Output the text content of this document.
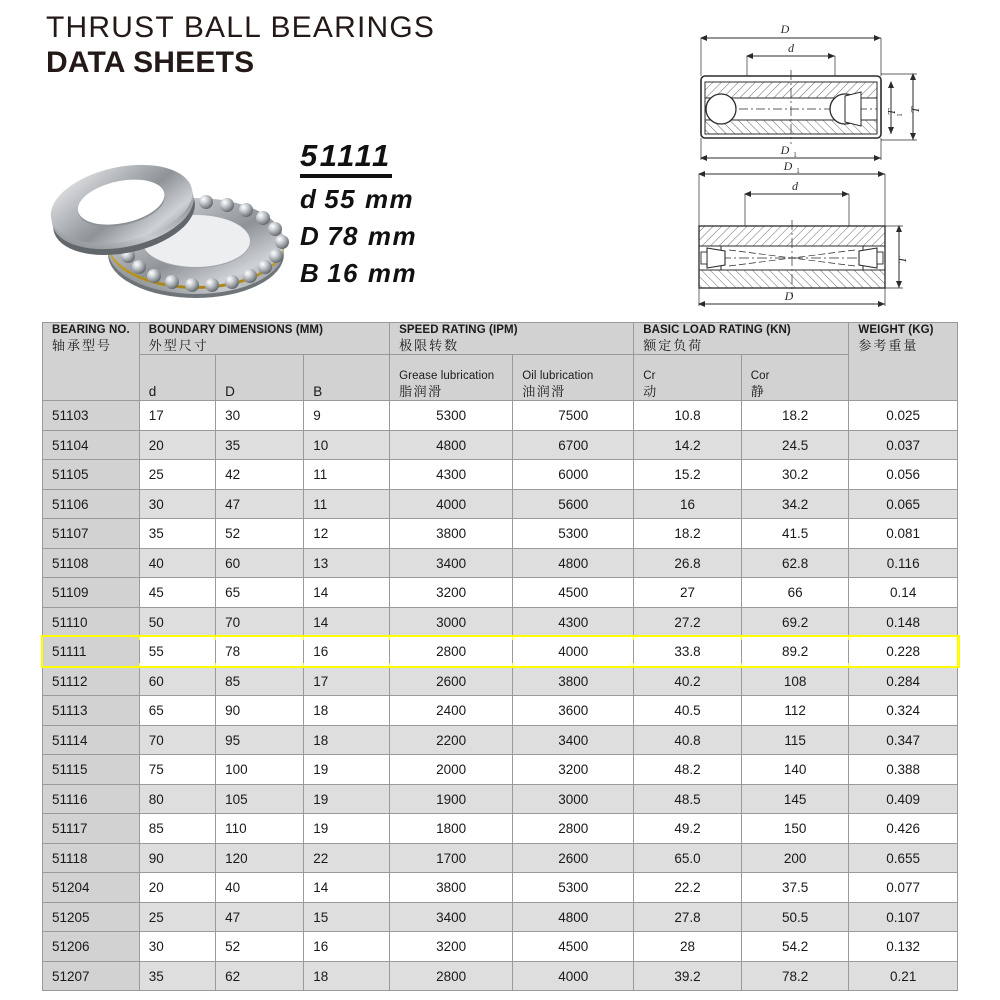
THRUST BALL BEARINGS
DATA SHEETS
51111
d 55 mm
D 78 mm
B 16 mm
D
d
T
1
T
D 1
D 1
d
T
D
BEARING NO.
轴承型号

BOUNDARY DIMENSIONS (MM)
外型尺寸

SPEED RATING (IPM)
极限转数

BASIC LOAD RATING (KN)
额定负荷

WEIGHT (KG)
参考重量

d	D	B	
Grease lubrication
脂润滑

Oil lubrication
油润滑

Cr
动

Cor
静

51103	17	30	9	5300	7500	10.8	18.2	0.025
51104	20	35	10	4800	6700	14.2	24.5	0.037
51105	25	42	11	4300	6000	15.2	30.2	0.056
51106	30	47	11	4000	5600	16	34.2	0.065
51107	35	52	12	3800	5300	18.2	41.5	0.081
51108	40	60	13	3400	4800	26.8	62.8	0.116
51109	45	65	14	3200	4500	27	66	0.14
51110	50	70	14	3000	4300	27.2	69.2	0.148
51111	55	78	16	2800	4000	33.8	89.2	0.228
51112	60	85	17	2600	3800	40.2	108	0.284
51113	65	90	18	2400	3600	40.5	112	0.324
51114	70	95	18	2200	3400	40.8	115	0.347
51115	75	100	19	2000	3200	48.2	140	0.388
51116	80	105	19	1900	3000	48.5	145	0.409
51117	85	110	19	1800	2800	49.2	150	0.426
51118	90	120	22	1700	2600	65.0	200	0.655
51204	20	40	14	3800	5300	22.2	37.5	0.077
51205	25	47	15	3400	4800	27.8	50.5	0.107
51206	30	52	16	3200	4500	28	54.2	0.132
51207	35	62	18	2800	4000	39.2	78.2	0.21
